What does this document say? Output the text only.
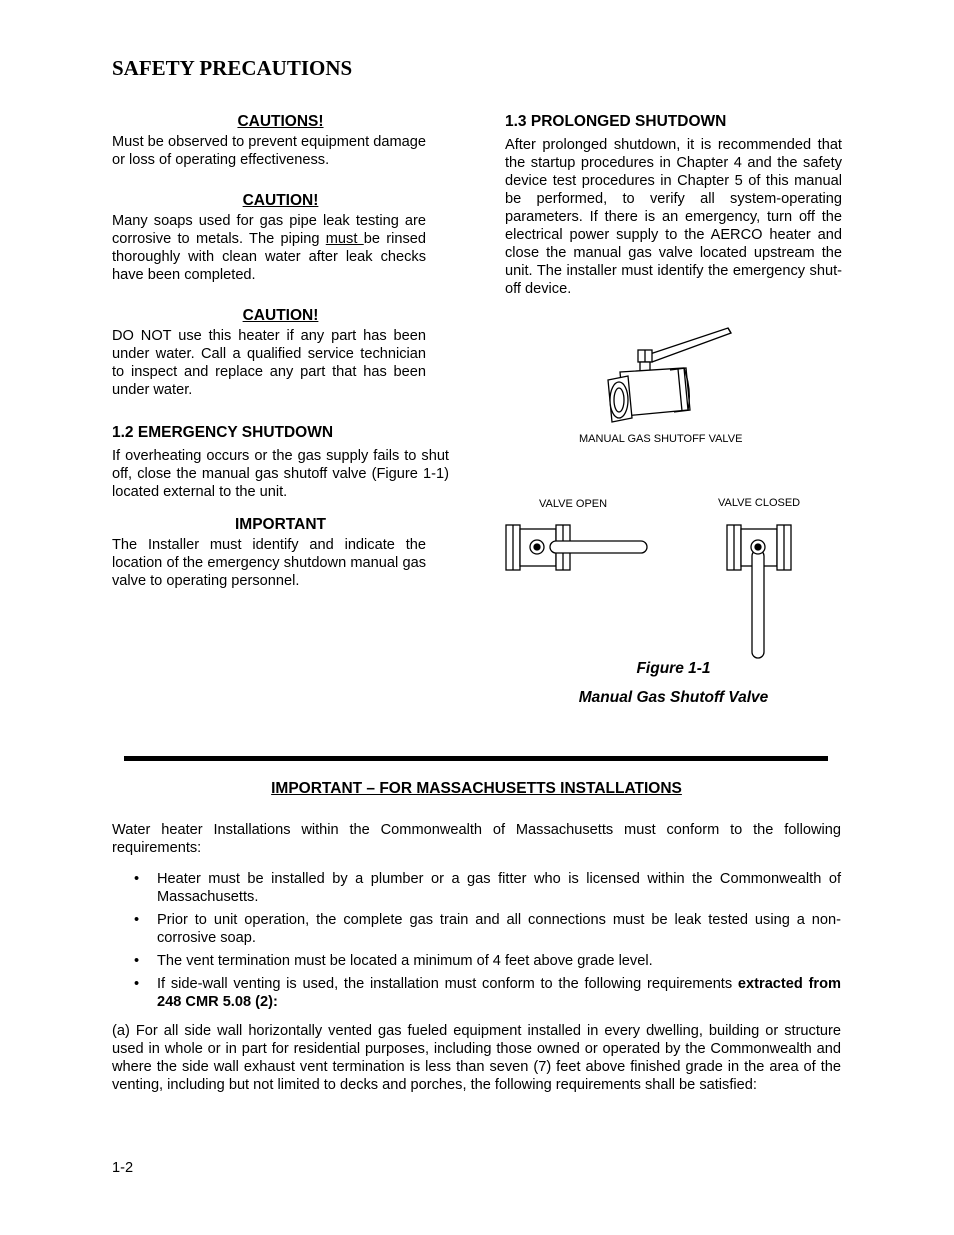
SAFETY PRECAUTIONS
CAUTIONS!
Must be observed to prevent equipment damage or loss of operating effectiveness.
CAUTION!
Many soaps used for gas pipe leak testing are corrosive to metals. The piping must be rinsed thoroughly with clean water after leak checks have been completed.
CAUTION!
DO NOT use this heater if any part has been under water. Call a qualified service technician to inspect and replace any part that has been under water.
1.2 EMERGENCY SHUTDOWN
If overheating occurs or the gas supply fails to shut off, close the manual gas shutoff valve (Figure 1-1) located external to the unit.
IMPORTANT
The Installer must identify and indicate the location of the emergency shutdown manual gas valve to operating personnel.
1.3 PROLONGED SHUTDOWN
After prolonged shutdown, it is recommended that the startup procedures in Chapter 4 and the safety device test procedures in Chapter 5 of this manual be performed, to verify all system-operating parameters. If there is an emergency, turn off the electrical power supply to the AERCO heater and close the manual gas valve located upstream the unit. The installer must identify the emergency shut-off device.
MANUAL GAS SHUTOFF VALVE
VALVE OPEN	VALVE CLOSED
Figure 1-1
Manual Gas Shutoff Valve
IMPORTANT – FOR MASSACHUSETTS INSTALLATIONS
Water heater Installations within the Commonwealth of Massachusetts must conform to the following requirements:
• Heater must be installed by a plumber or a gas fitter who is licensed within the Commonwealth of Massachusetts.
• Prior to unit operation, the complete gas train and all connections must be leak tested using a non-corrosive soap.
• The vent termination must be located a minimum of 4 feet above grade level.
• If side-wall venting is used, the installation must conform to the following requirements extracted from 248 CMR 5.08 (2):
(a) For all side wall horizontally vented gas fueled equipment installed in every dwelling, building or structure used in whole or in part for residential purposes, including those owned or operated by the Commonwealth and where the side wall exhaust vent termination is less than seven (7) feet above finished grade in the area of the venting, including but not limited to decks and porches, the following requirements shall be satisfied:
1-2
